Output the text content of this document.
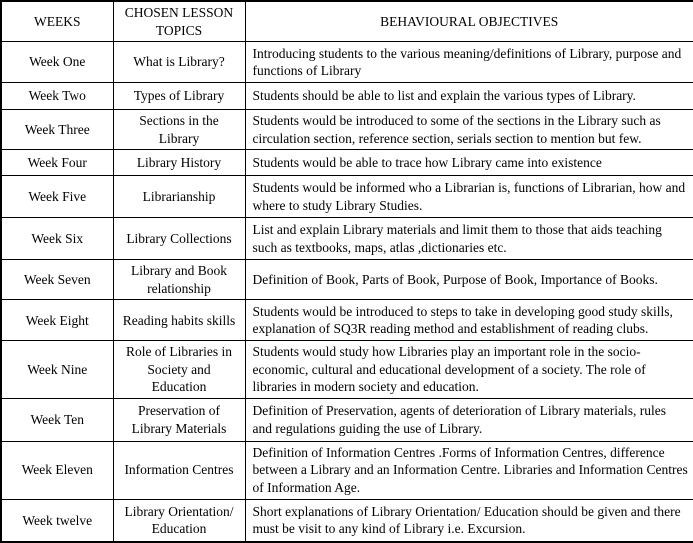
WEEKS	CHOSEN LESSON TOPICS	BEHAVIOURAL OBJECTIVES
Week One	What is Library?	Introducing students to the various meaning/definitions of Library, purpose and functions of Library
Week Two	Types of Library	Students should be able to list and explain the various types of Library.
Week Three	Sections in the Library	Students would be introduced to some of the sections in the Library such as circulation section, reference section, serials section to mention but few.
Week Four	Library History	Students would be able to trace how Library came into existence
Week Five	Librarianship	Students would be informed who a Librarian is, functions of Librarian, how and where to study Library Studies.
Week Six	Library Collections	List and explain Library materials and limit them to those that aids teaching such as textbooks, maps, atlas ,dictionaries etc.
Week Seven	Library and Book relationship	Definition of Book, Parts of Book, Purpose of Book, Importance of Books.
Week Eight	Reading habits skills	Students would be introduced to steps to take in developing good study skills, explanation of SQ3R reading method and establishment of reading clubs.
Week Nine	Role of Libraries in Society and Education	Students would study how Libraries play an important role in the socio-economic, cultural and educational development of a society. The role of libraries in modern society and education.
Week Ten	Preservation of Library Materials	Definition of Preservation, agents of deterioration of Library materials, rules and regulations guiding the use of Library.
Week Eleven	Information Centres	Definition of Information Centres .Forms of Information Centres, difference between a Library and an Information Centre. Libraries and Information Centres of Information Age.
Week twelve	Library Orientation/ Education	Short explanations of Library Orientation/ Education should be given and there must be visit to any kind of Library i.e. Excursion.
